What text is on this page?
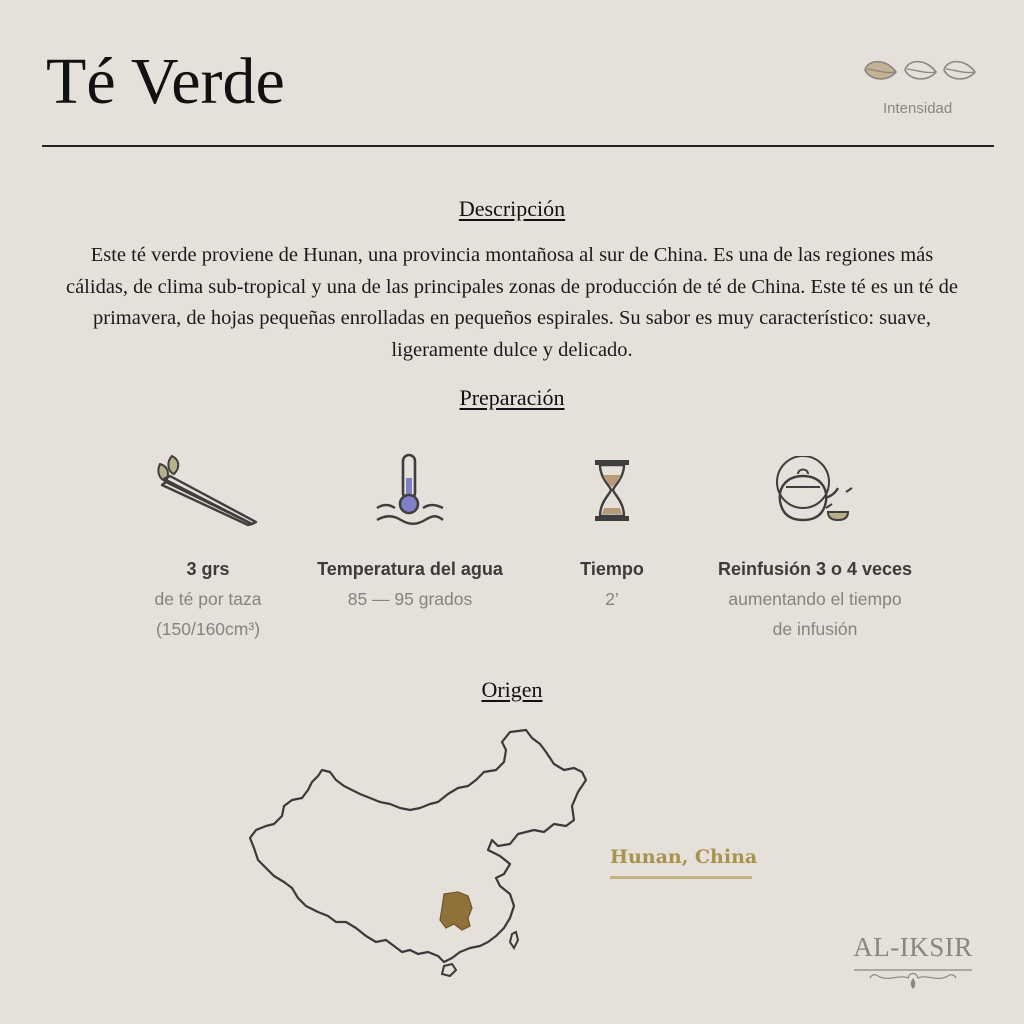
Té Verde	Intensidad
Descripción
Este té verde proviene de Hunan, una provincia montañosa al sur de China. Es una de las regiones más cálidas, de clima sub-tropical y una de las principales zonas de producción de té de China. Este té es un té de primavera, de hojas pequeñas enrolladas en pequeños espirales. Su sabor es muy característico: suave, ligeramente dulce y delicado.
Preparación
3 grs
de té por taza
(150/160cm³)
Temperatura del agua
85 — 95 grados
Tiempo
2’
Reinfusión 3 o 4 veces
aumentando el tiempo
de infusión
Origen
Hunan, China
AL-IKSIR
